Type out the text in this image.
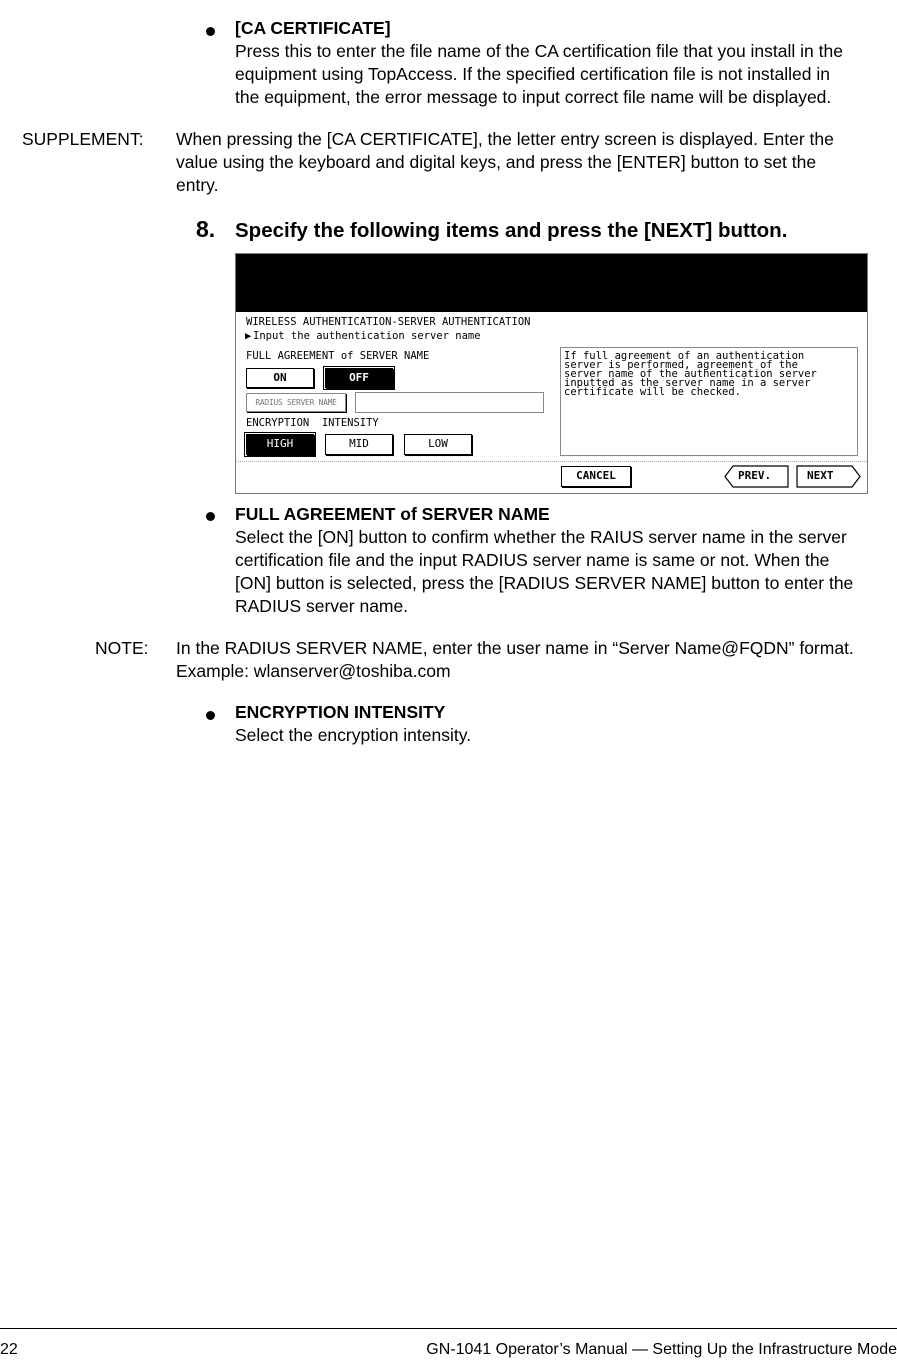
[CA CERTIFICATE]
Press this to enter the file name of the CA certification file that you install in the
equipment using TopAccess. If the specified certification file is not installed in
the equipment, the error message to input correct file name will be displayed.
SUPPLEMENT: When pressing the [CA CERTIFICATE], the letter entry screen is displayed. Enter the
value using the keyboard and digital keys, and press the [ENTER] button to set the
entry.
8. Specify the following items and press the [NEXT] button.
WIRELESS AUTHENTICATION-SERVER AUTHENTICATION
▶ Input the authentication server name
FULL AGREEMENT of SERVER NAME
ON	OFF
RADIUS SERVER NAME
ENCRYPTION  INTENSITY
HIGH	MID	LOW
If full agreement of an authentication
server is performed, agreement of the
server name of the authentication server
inputted as the server name in a server
certificate will be checked.
CANCEL	PREV.	NEXT
FULL AGREEMENT of SERVER NAME
Select the [ON] button to confirm whether the RAIUS server name in the server
certification file and the input RADIUS server name is same or not. When the
[ON] button is selected, press the [RADIUS SERVER NAME] button to enter the
RADIUS server name.
NOTE: In the RADIUS SERVER NAME, enter the user name in “Server Name@FQDN” format.
Example: wlanserver@toshiba.com
ENCRYPTION INTENSITY
Select the encryption intensity.
22	GN-1041 Operator’s Manual — Setting Up the Infrastructure Mode
